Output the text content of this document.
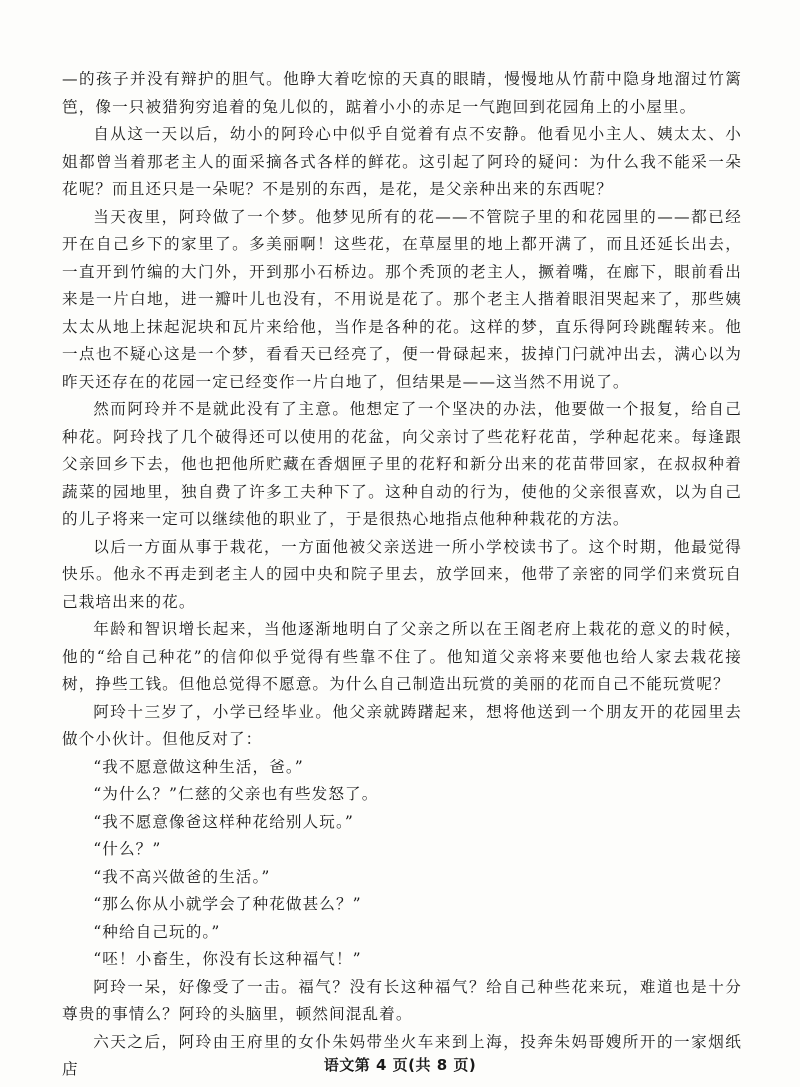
—的孩子并没有辩护的胆气。他睁大着吃惊的天真的眼睛，慢慢地从竹葥中隐身地溜过竹篱笆，像一只被猎狗穷追着的兔儿似的，踮着小小的赤足一气跑回到花园角上的小屋里。

自从这一天以后，幼小的阿玲心中似乎自觉着有点不安静。他看见小主人、姨太太、小姐都曾当着那老主人的面采摘各式各样的鲜花。这引起了阿玲的疑问：为什么我不能采一朵花呢？而且还只是一朵呢？不是别的东西，是花，是父亲种出来的东西呢？

当天夜里，阿玲做了一个梦。他梦见所有的花——不管院子里的和花园里的——都已经开在自己乡下的家里了。多美丽啊！这些花，在草屋里的地上都开满了，而且还延长出去，一直开到竹编的大门外，开到那小石桥边。那个秃顶的老主人，撅着嘴，在廊下，眼前看出来是一片白地，进一瓣叶儿也没有，不用说是花了。那个老主人揩着眼泪哭起来了，那些姨太太从地上抹起泥块和瓦片来给他，当作是各种的花。这样的梦，直乐得阿玲跳醒转来。他一点也不疑心这是一个梦，看看天已经亮了，便一骨碌起来，拔掉门闩就冲出去，满心以为昨天还存在的花园一定已经变作一片白地了，但结果是——这当然不用说了。

然而阿玲并不是就此没有了主意。他想定了一个坚决的办法，他要做一个报复，给自己种花。阿玲找了几个破得还可以使用的花盆，向父亲讨了些花籽花苗，学种起花来。每逢跟父亲回乡下去，他也把他所贮藏在香烟匣子里的花籽和新分出来的花苗带回家，在叔叔种着蔬菜的园地里，独自费了许多工夫种下了。这种自动的行为，使他的父亲很喜欢，以为自己的儿子将来一定可以继续他的职业了，于是很热心地指点他种种栽花的方法。

以后一方面从事于栽花，一方面他被父亲送进一所小学校读书了。这个时期，他最觉得快乐。他永不再走到老主人的园中央和院子里去，放学回来，他带了亲密的同学们来赏玩自己栽培出来的花。

年龄和智识增长起来，当他逐渐地明白了父亲之所以在王阁老府上栽花的意义的时候，他的“给自己种花”的信仰似乎觉得有些靠不住了。他知道父亲将来要他也给人家去栽花接树，挣些工钱。但他总觉得不愿意。为什么自己制造出玩赏的美丽的花而自己不能玩赏呢？

阿玲十三岁了，小学已经毕业。他父亲就踌躇起来，想将他送到一个朋友开的花园里去做个小伙计。但他反对了：

“我不愿意做这种生活，爸。”

“为什么？”仁慈的父亲也有些发怒了。

“我不愿意像爸这样种花给别人玩。”

“什么？”

“我不高兴做爸的生活。”

“那么你从小就学会了种花做甚么？”

“种给自己玩的。”

“呸！小畜生，你没有长这种福气！”

阿玲一呆，好像受了一击。福气？没有长这种福气？给自己种些花来玩，难道也是十分尊贵的事情么？阿玲的头脑里，顿然间混乱着。

六天之后，阿玲由王府里的女仆朱妈带坐火车来到上海，投奔朱妈哥嫂所开的一家烟纸店	语文第 4 页(共 8 页)
